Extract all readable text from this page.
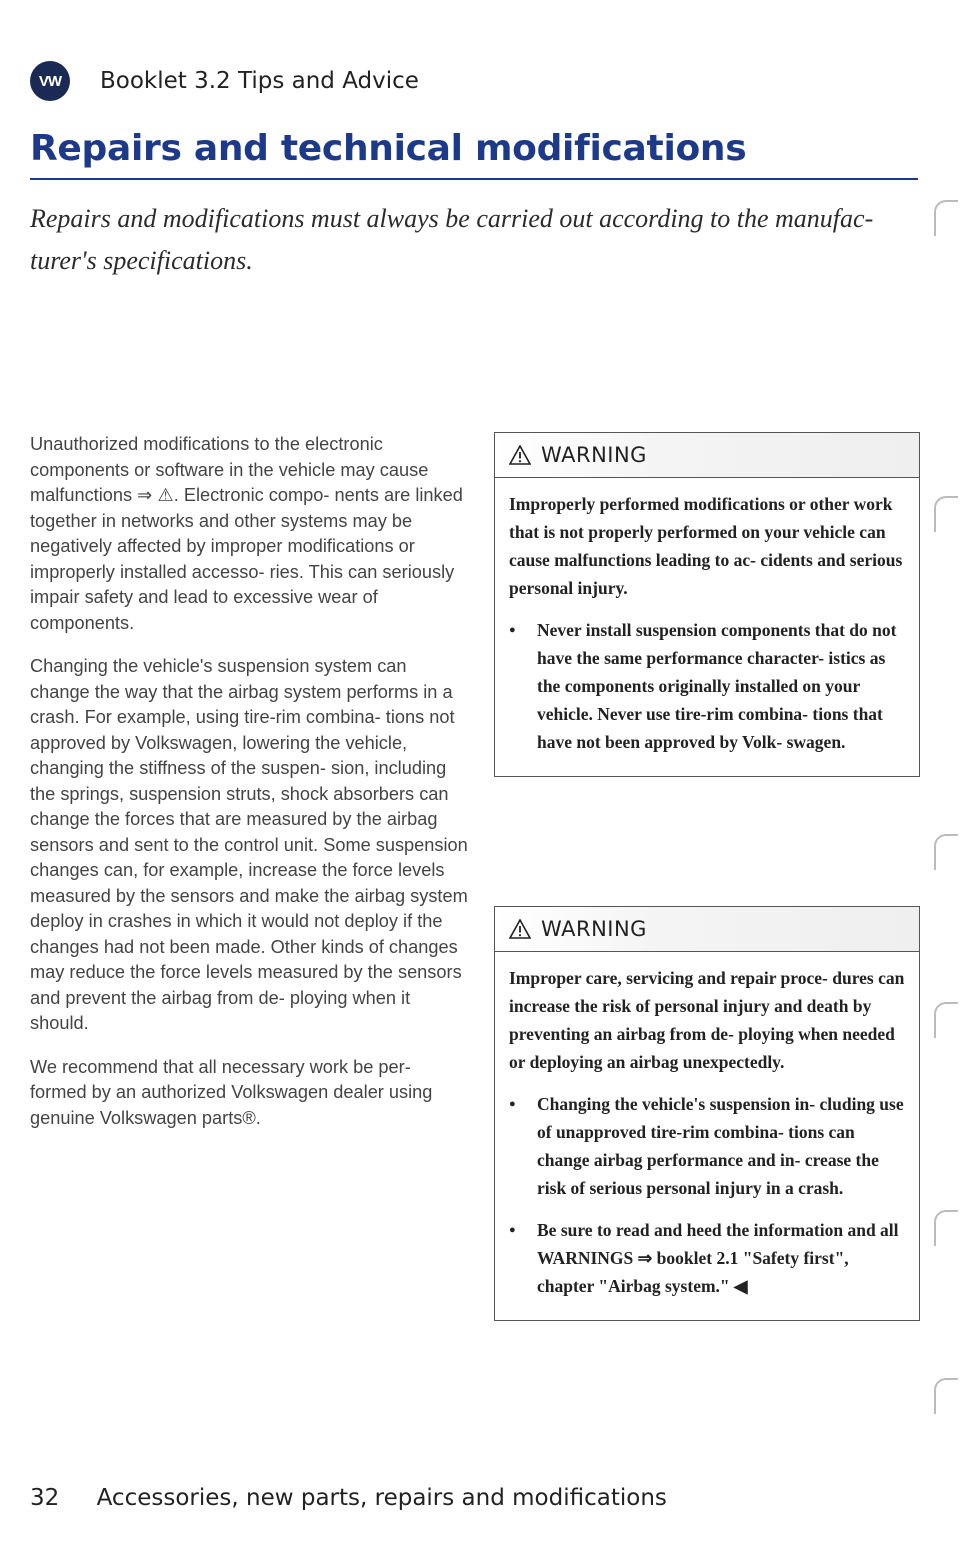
VW Booklet 3.2 Tips and Advice
Repairs and technical modifications

Repairs and modifications must always be carried out according to the manufac- turer's specifications.

Unauthorized modifications to the electronic components or software in the vehicle may cause malfunctions ⇒ ⚠. Electronic compo- nents are linked together in networks and other systems may be negatively affected by improper modifications or improperly installed accesso- ries. This can seriously impair safety and lead to excessive wear of components.

Changing the vehicle's suspension system can change the way that the airbag system performs in a crash. For example, using tire-rim combina- tions not approved by Volkswagen, lowering the vehicle, changing the stiffness of the suspen- sion, including the springs, suspension struts, shock absorbers can change the forces that are measured by the airbag sensors and sent to the control unit. Some suspension changes can, for example, increase the force levels measured by the sensors and make the airbag system deploy in crashes in which it would not deploy if the changes had not been made. Other kinds of changes may reduce the force levels measured by the sensors and prevent the airbag from de- ploying when it should.

We recommend that all necessary work be per- formed by an authorized Volkswagen dealer using genuine Volkswagen parts®.

WARNING

Improperly performed modifications or other work that is not properly performed on your vehicle can cause malfunctions leading to ac- cidents and serious personal injury.

● Never install suspension components that do not have the same performance character- istics as the components originally installed on your vehicle. Never use tire-rim combina- tions that have not been approved by Volk- swagen.

WARNING

Improper care, servicing and repair proce- dures can increase the risk of personal injury and death by preventing an airbag from de- ploying when needed or deploying an airbag unexpectedly.

● Changing the vehicle's suspension in- cluding use of unapproved tire-rim combina- tions can change airbag performance and in- crease the risk of serious personal injury in a crash.

● Be sure to read and heed the information and all WARNINGS ⇒ booklet 2.1 "Safety first", chapter "Airbag system." ◀

32 Accessories, new parts, repairs and modifications
